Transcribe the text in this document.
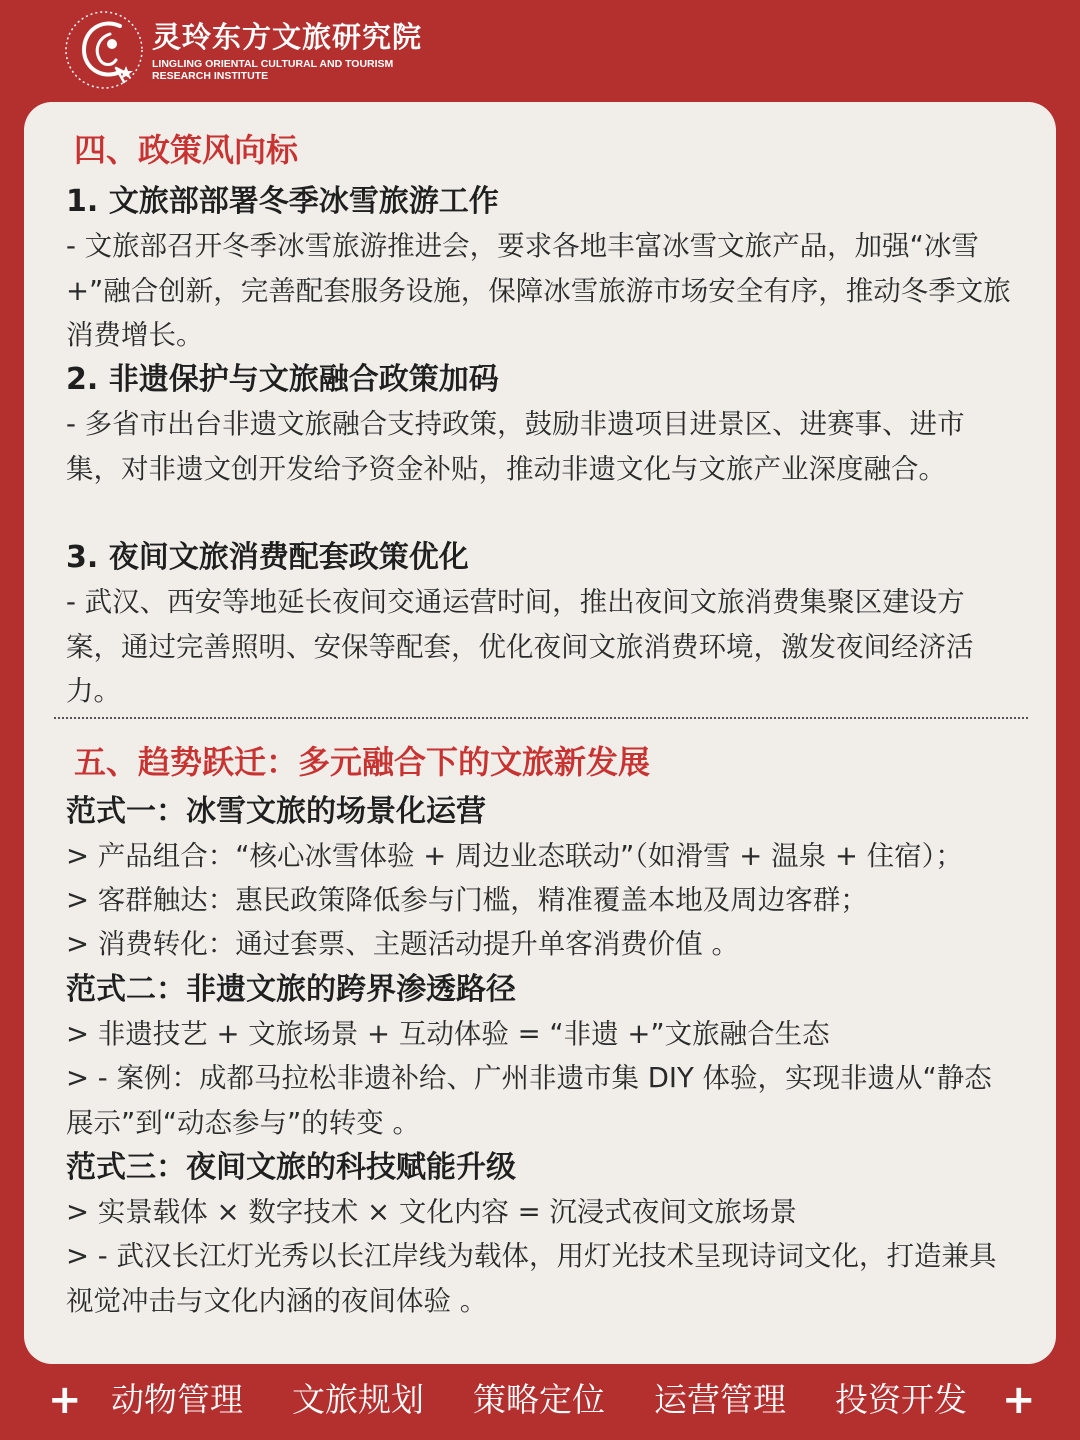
灵玲东方文旅研究院
LINGLING ORIENTAL CULTURAL AND TOURISM
RESEARCH INSTITUTE
四、政策风向标
1. 文旅部部署冬季冰雪旅游工作
- 文旅部召开冬季冰雪旅游推进会，要求各地丰富冰雪文旅产品，加强“冰雪 +”融合创新，完善配套服务设施，保障冰雪旅游市场安全有序，推动冬季文旅消费增长。
2. 非遗保护与文旅融合政策加码
- 多省市出台非遗文旅融合支持政策，鼓励非遗项目进景区、进赛事、进市集，对非遗文创开发给予资金补贴，推动非遗文化与文旅产业深度融合。
3. 夜间文旅消费配套政策优化
- 武汉、西安等地延长夜间交通运营时间，推出夜间文旅消费集聚区建设方案，通过完善照明、安保等配套，优化夜间文旅消费环境，激发夜间经济活力。
五、趋势跃迁：多元融合下的文旅新发展
范式一：冰雪文旅的场景化运营
> 产品组合：“核心冰雪体验 + 周边业态联动”（如滑雪 + 温泉 + 住宿）；
> 客群触达：惠民政策降低参与门槛，精准覆盖本地及周边客群；
> 消费转化：通过套票、主题活动提升单客消费价值 。
范式二：非遗文旅的跨界渗透路径
> 非遗技艺 + 文旅场景 + 互动体验 = “非遗 +”文旅融合生态
> - 案例：成都马拉松非遗补给、广州非遗市集 DIY 体验，实现非遗从“静态展示”到“动态参与”的转变 。
范式三：夜间文旅的科技赋能升级
> 实景载体 × 数字技术 × 文化内容 = 沉浸式夜间文旅场景
> - 武汉长江灯光秀以长江岸线为载体，用灯光技术呈现诗词文化，打造兼具视觉冲击与文化内涵的夜间体验 。
+ 动物管理 文旅规划 策略定位 运营管理 投资开发 +
